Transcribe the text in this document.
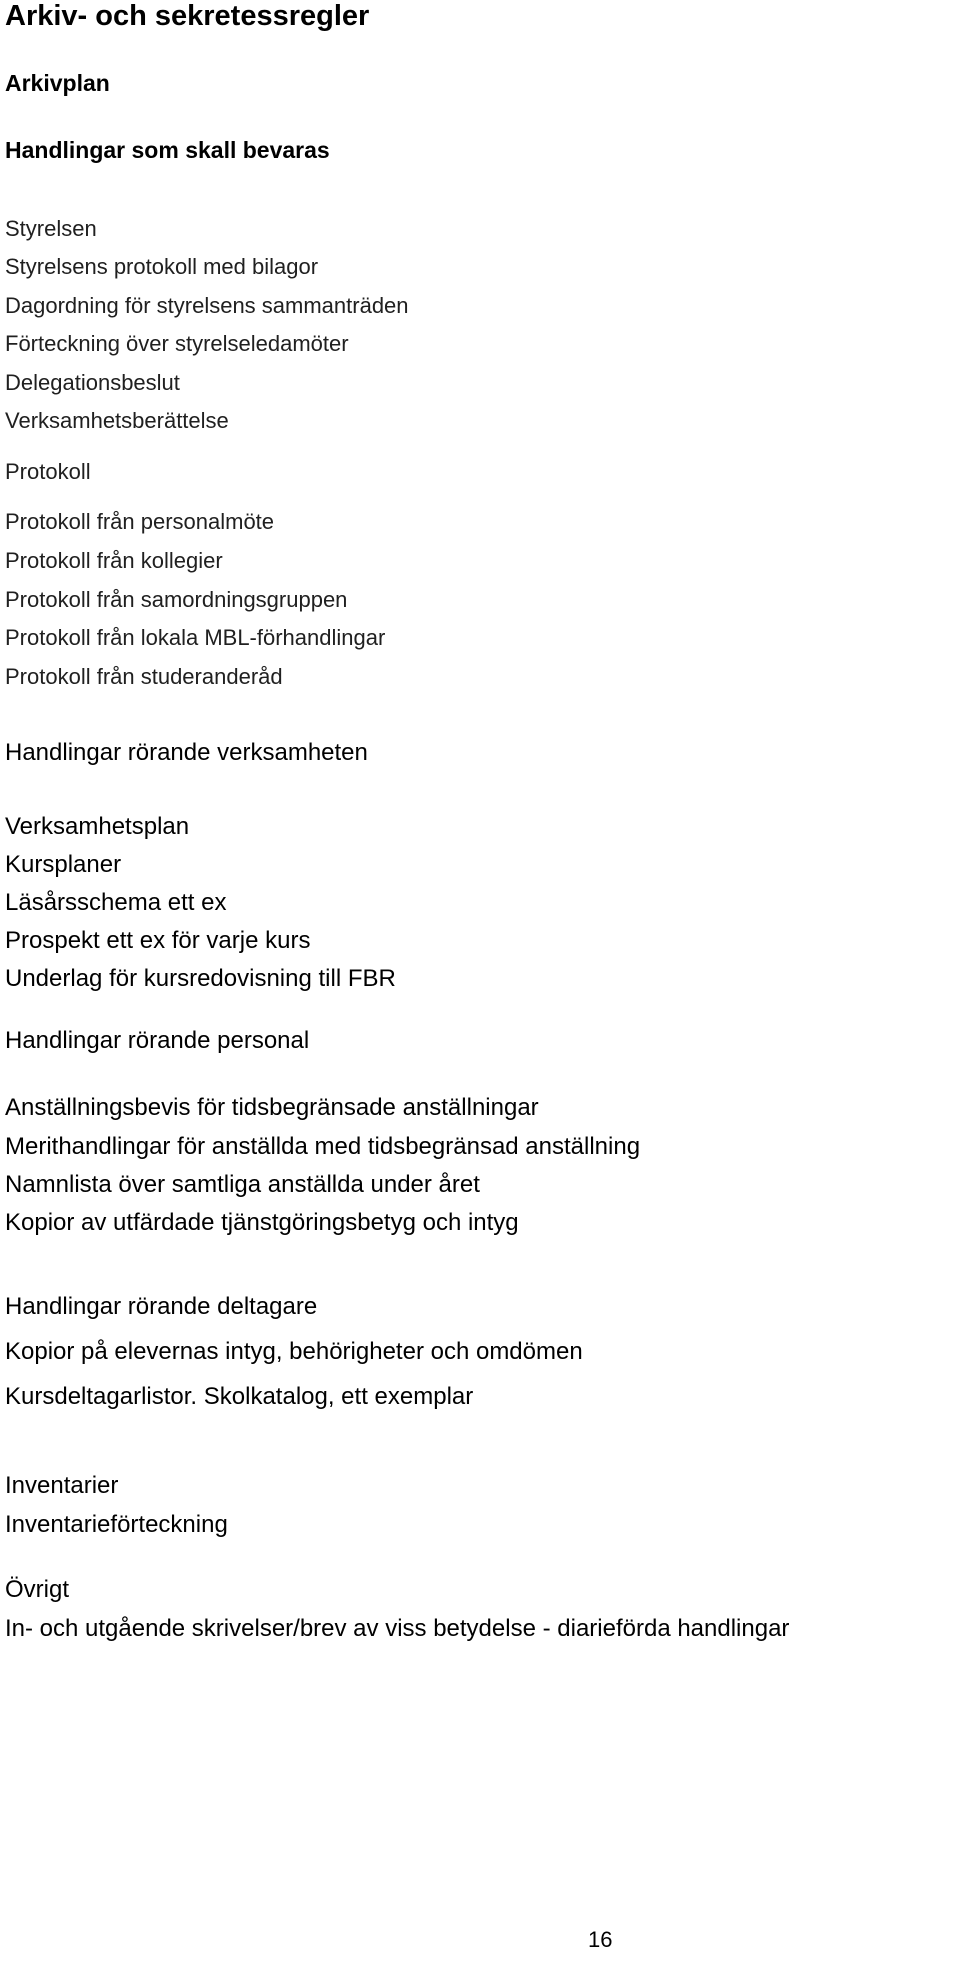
Arkiv- och sekretessregler
Arkivplan
Handlingar som skall bevaras
Styrelsen
Styrelsens protokoll med bilagor
Dagordning för styrelsens sammanträden
Förteckning över styrelseledamöter
Delegationsbeslut
Verksamhetsberättelse
Protokoll
Protokoll från personalmöte
Protokoll från kollegier
Protokoll från samordningsgruppen
Protokoll från lokala MBL-förhandlingar
Protokoll från studeranderåd
Handlingar rörande verksamheten
Verksamhetsplan
Kursplaner
Läsårsschema ett ex
Prospekt ett ex för varje kurs
Underlag för kursredovisning till FBR
Handlingar rörande personal
Anställningsbevis för tidsbegränsade anställningar
Merithandlingar för anställda med tidsbegränsad anställning
Namnlista över samtliga anställda under året
Kopior av utfärdade tjänstgöringsbetyg och intyg
Handlingar rörande deltagare
Kopior på elevernas intyg, behörigheter och omdömen
Kursdeltagarlistor. Skolkatalog, ett exemplar
Inventarier
Inventarieförteckning
Övrigt
In- och utgående skrivelser/brev av viss betydelse - diarieförda handlingar
16
